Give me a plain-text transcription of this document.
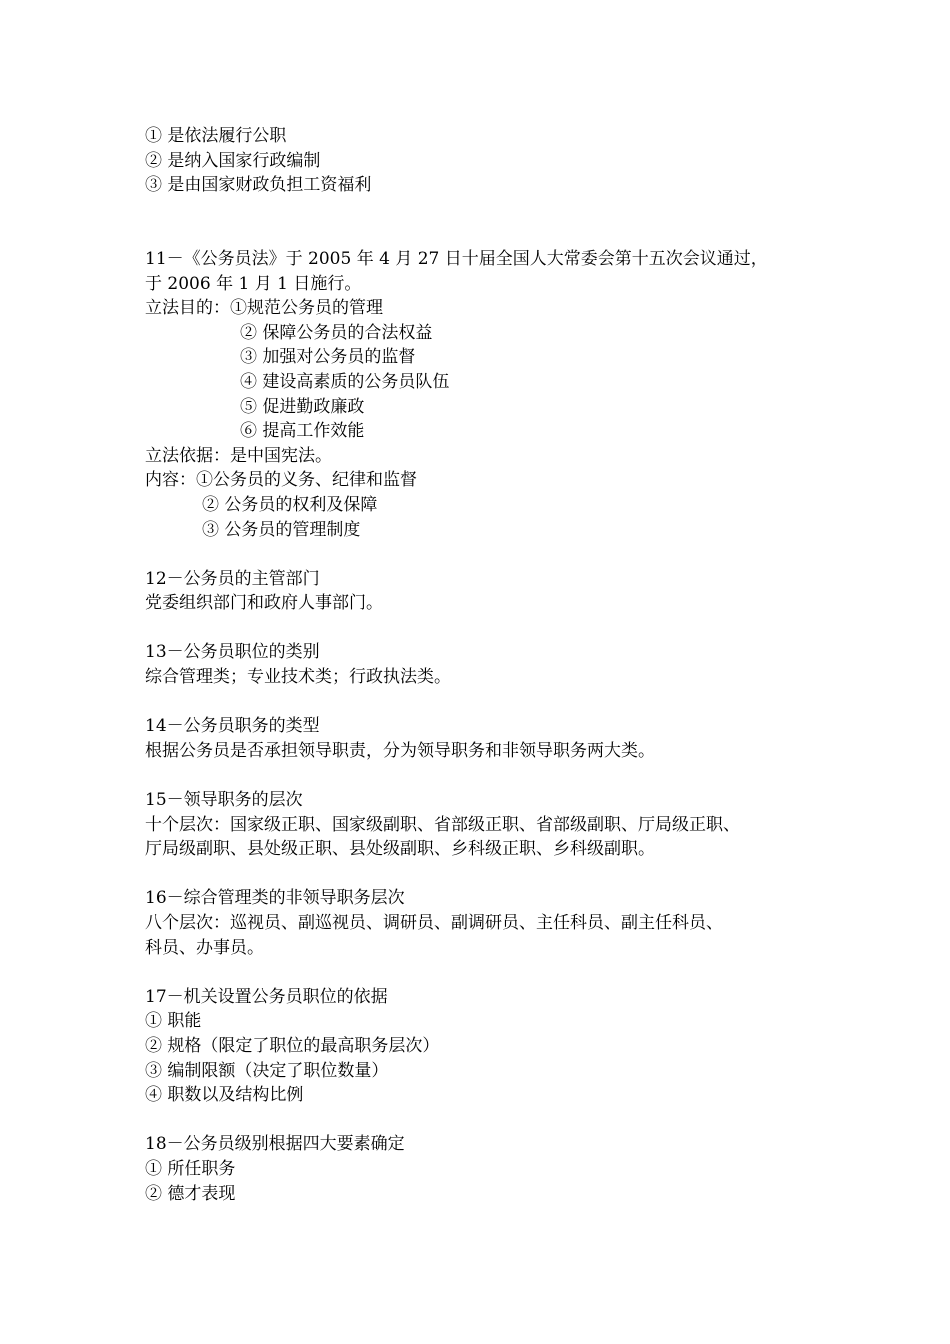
① 是依法履行公职
② 是纳入国家行政编制
③ 是由国家财政负担工资福利
11－《公务员法》于 2005 年 4 月 27 日十届全国人大常委会第十五次会议通过，
于 2006 年 1 月 1 日施行。
立法目的：①规范公务员的管理
② 保障公务员的合法权益
③ 加强对公务员的监督
④ 建设高素质的公务员队伍
⑤ 促进勤政廉政
⑥ 提高工作效能
立法依据：是中国宪法。
内容：①公务员的义务、纪律和监督
② 公务员的权利及保障
③ 公务员的管理制度
12－公务员的主管部门
党委组织部门和政府人事部门。
13－公务员职位的类别
综合管理类；专业技术类；行政执法类。
14－公务员职务的类型
根据公务员是否承担领导职责，分为领导职务和非领导职务两大类。
15－领导职务的层次
十个层次：国家级正职、国家级副职、省部级正职、省部级副职、厅局级正职、
厅局级副职、县处级正职、县处级副职、乡科级正职、乡科级副职。
16－综合管理类的非领导职务层次
八个层次：巡视员、副巡视员、调研员、副调研员、主任科员、副主任科员、
科员、办事员。
17－机关设置公务员职位的依据
① 职能
② 规格（限定了职位的最高职务层次）
③ 编制限额（决定了职位数量）
④ 职数以及结构比例
18－公务员级别根据四大要素确定
① 所任职务
② 德才表现
